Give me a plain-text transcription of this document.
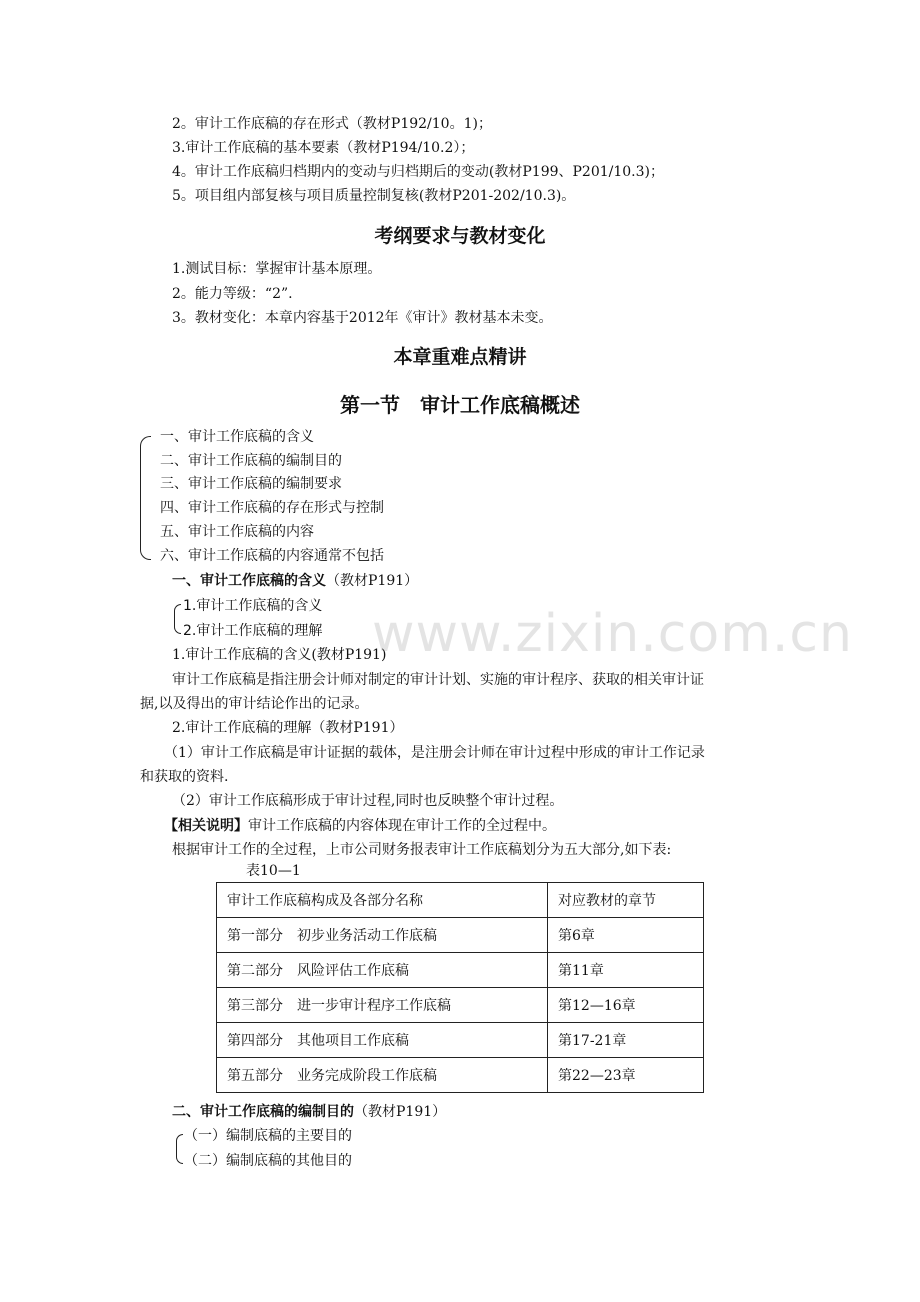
2。审计工作底稿的存在形式（教材P192/10。1)；
3.审计工作底稿的基本要素（教材P194/10.2）；
4。审计工作底稿归档期内的变动与归档期后的变动(教材P199、P201/10.3)；
5。项目组内部复核与项目质量控制复核(教材P201-202/10.3)。
考纲要求与教材变化
1.测试目标：掌握审计基本原理。
2。能力等级：“2”.
3。教材变化：本章内容基于2012年《审计》教材基本未变。
本章重难点精讲
第一节　审计工作底稿概述
一、审计工作底稿的含义
二、审计工作底稿的编制目的
三、审计工作底稿的编制要求
四、审计工作底稿的存在形式与控制
五、审计工作底稿的内容
六、审计工作底稿的内容通常不包括
一、审计工作底稿的含义（教材P191）
1.审计工作底稿的含义
2.审计工作底稿的理解 www.zixin.com.cn
1.审计工作底稿的含义(教材P191)
审计工作底稿是指注册会计师对制定的审计计划、实施的审计程序、获取的相关审计证
据,以及得出的审计结论作出的记录。
2.审计工作底稿的理解（教材P191）
（1）审计工作底稿是审计证据的载体，是注册会计师在审计过程中形成的审计工作记录
和获取的资料.
（2）审计工作底稿形成于审计过程,同时也反映整个审计过程。
【相关说明】审计工作底稿的内容体现在审计工作的全过程中。
根据审计工作的全过程，上市公司财务报表审计工作底稿划分为五大部分,如下表:
表10—1
审计工作底稿构成及各部分名称	对应教材的章节
第一部分　初步业务活动工作底稿	第6章
第二部分　风险评估工作底稿	第11章
第三部分　进一步审计程序工作底稿	第12—16章
第四部分　其他项目工作底稿	第17-21章
第五部分　业务完成阶段工作底稿	第22—23章
二、审计工作底稿的编制目的（教材P191）
（一）编制底稿的主要目的
（二）编制底稿的其他目的
